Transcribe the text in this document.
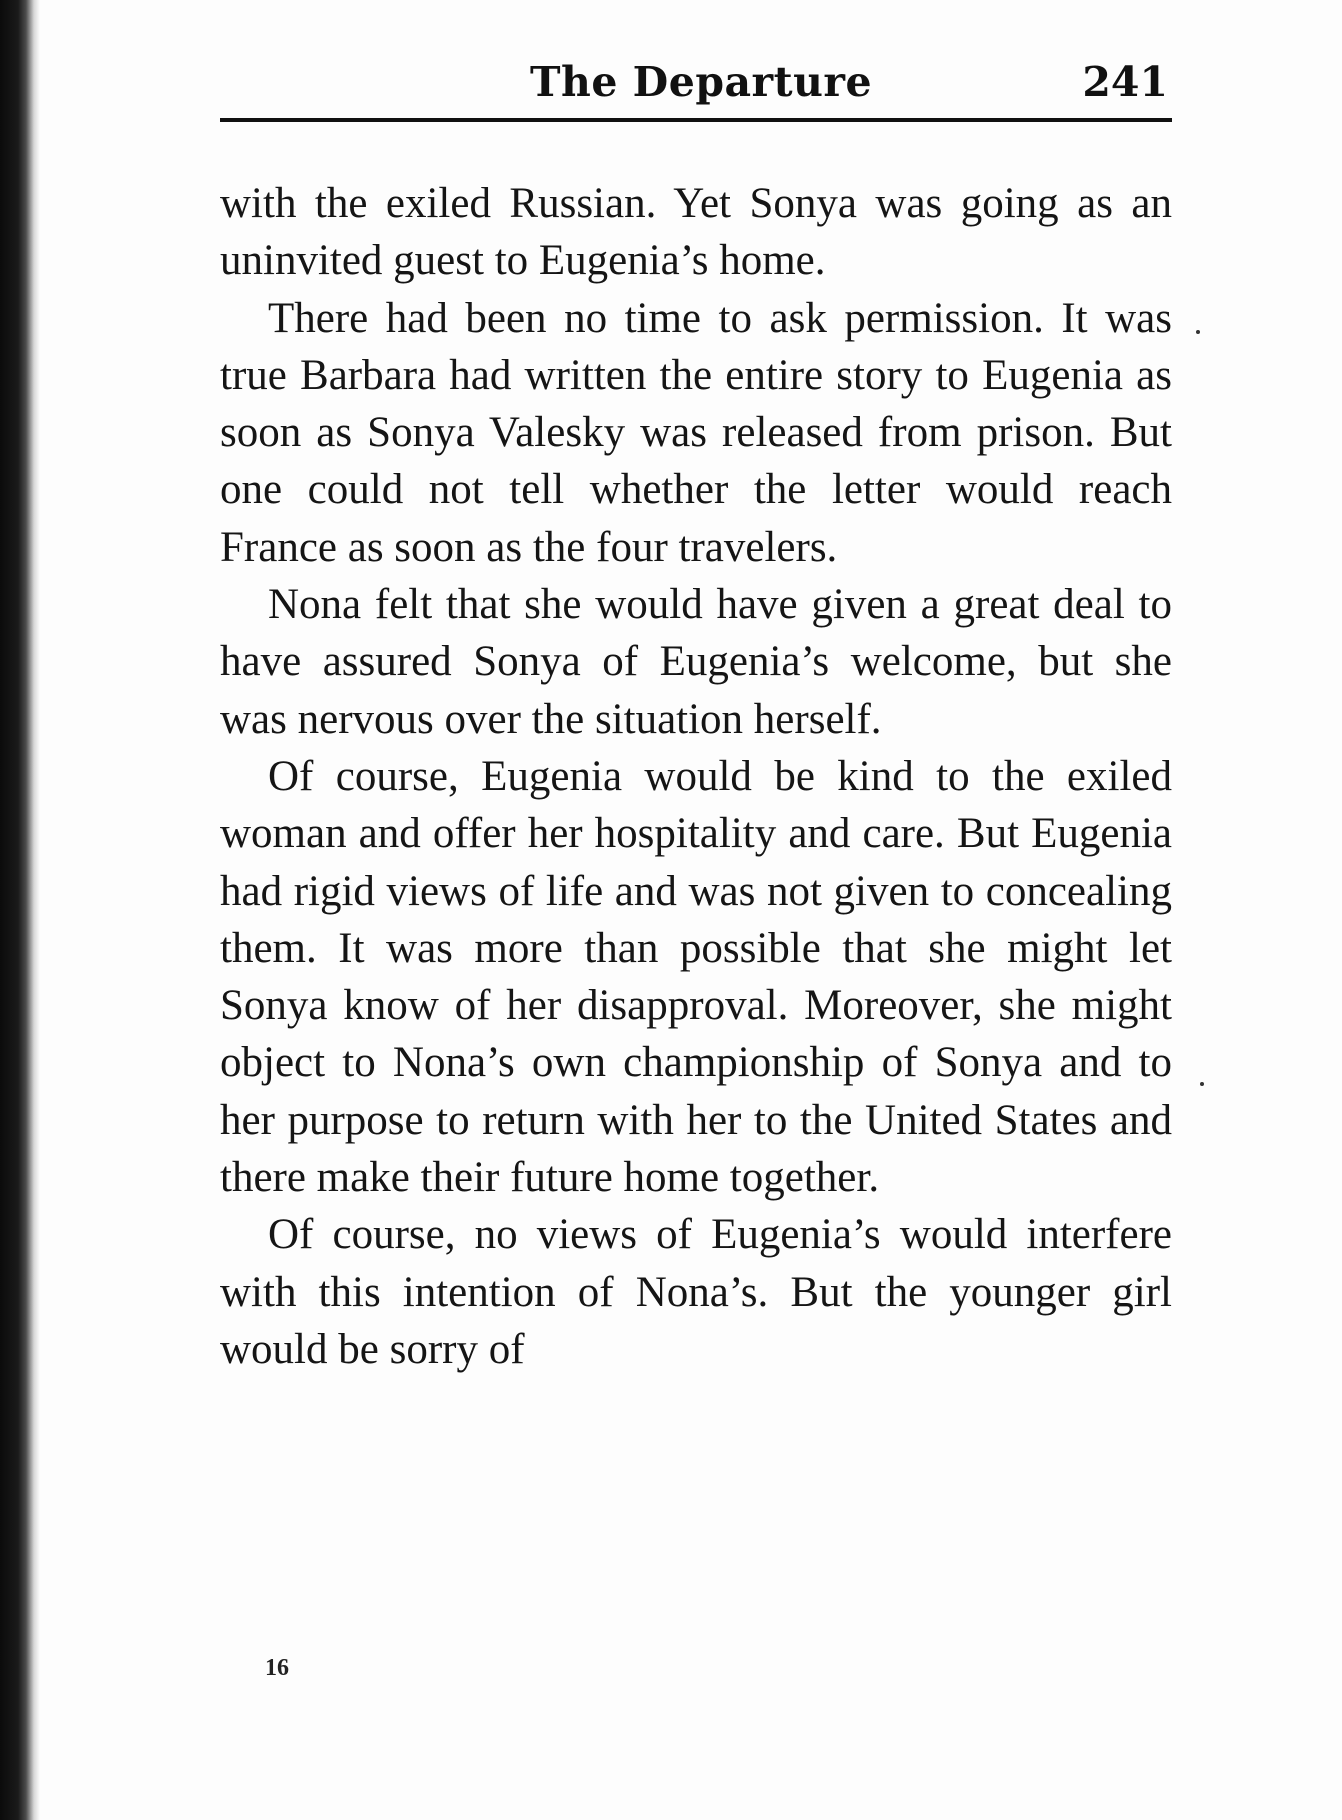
The Departure	241

with the exiled Russian. Yet Sonya was going as an uninvited guest to Eugenia’s home.

There had been no time to ask permission. It was true Barbara had written the entire story to Eugenia as soon as Sonya Valesky was released from prison. But one could not tell whether the letter would reach France as soon as the four travelers.

Nona felt that she would have given a great deal to have assured Sonya of Eugenia’s welcome, but she was nervous over the situation herself.

Of course, Eugenia would be kind to the exiled woman and offer her hospitality and care. But Eugenia had rigid views of life and was not given to concealing them. It was more than possible that she might let Sonya know of her disapproval. Moreover, she might object to Nona’s own championship of Sonya and to her purpose to return with her to the United States and there make their future home together.

Of course, no views of Eugenia’s would interfere with this intention of Nona’s. But the younger girl would be sorry of

16
